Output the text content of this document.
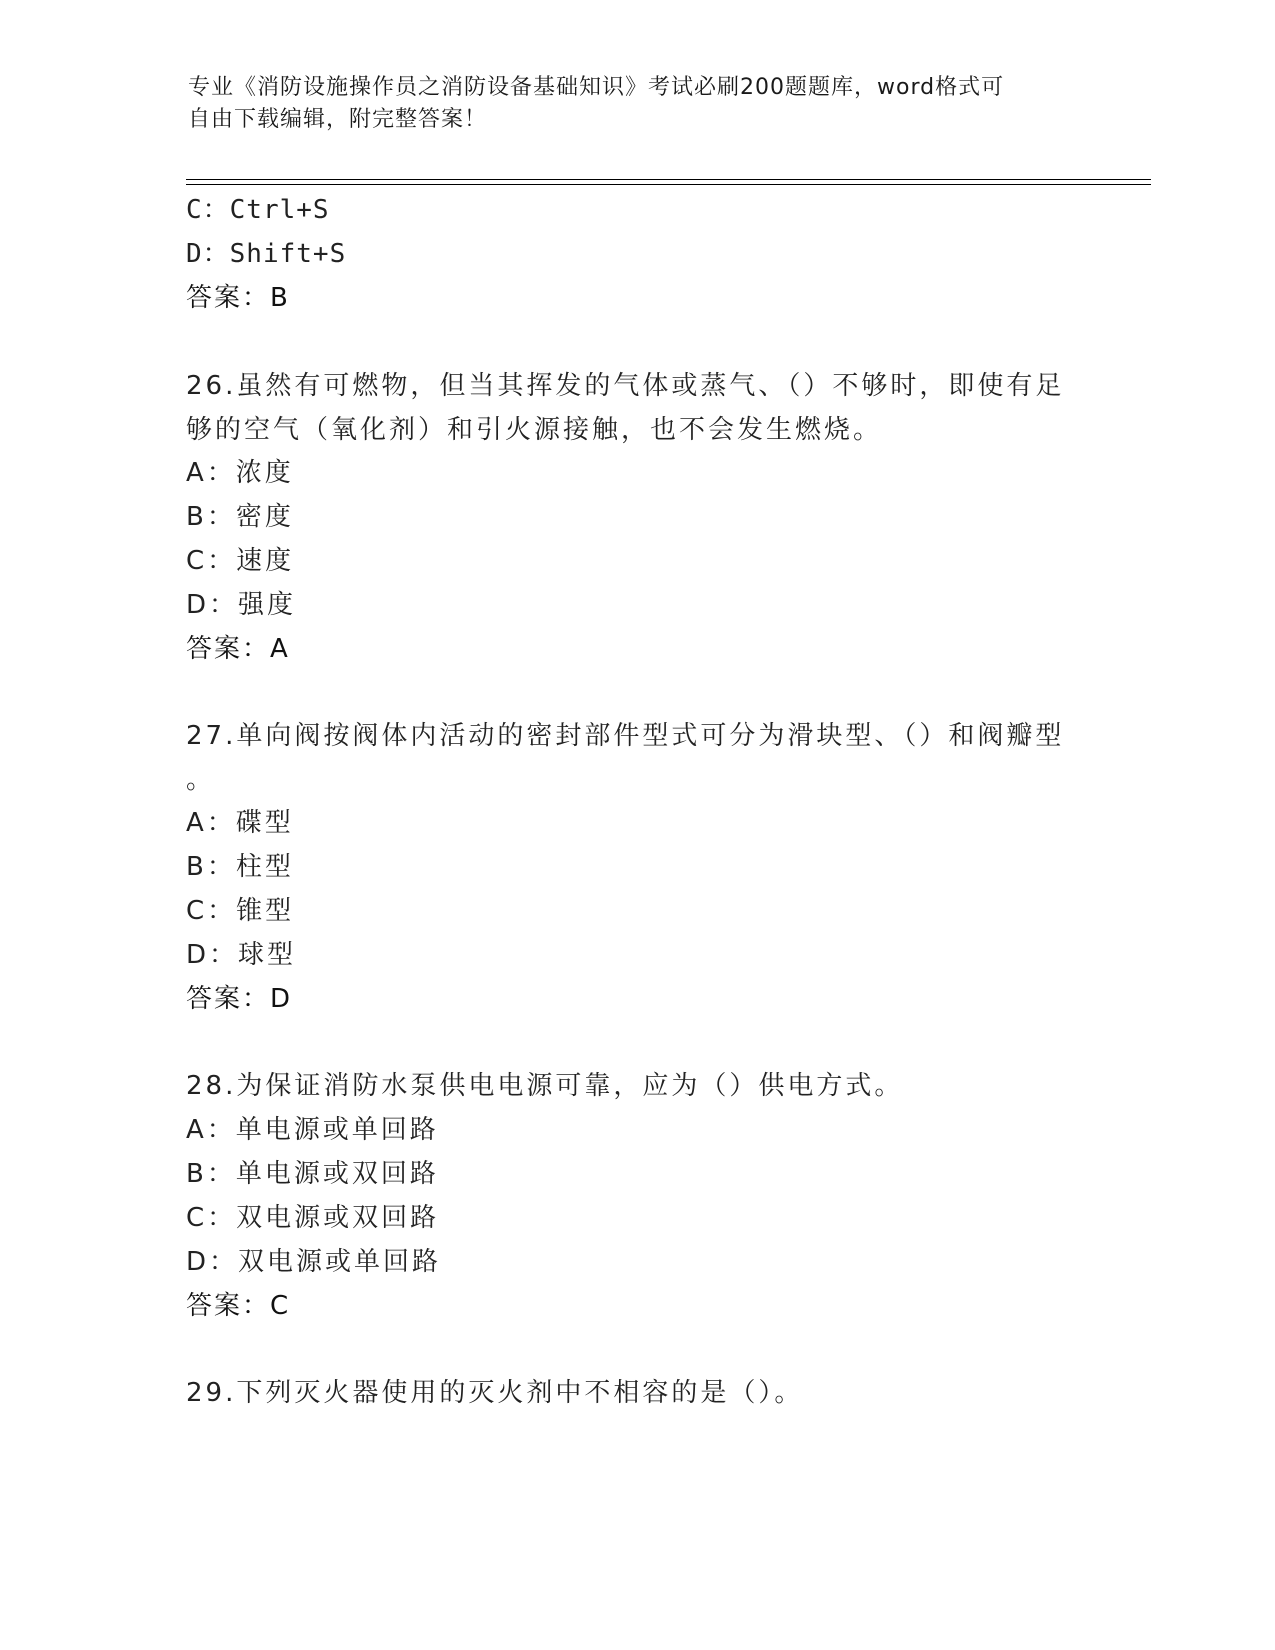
专业《消防设施操作员之消防设备基础知识》考试必刷200题题库，word格式可

自由下载编辑，附完整答案！

C：Ctrl+S
D：Shift+S
答案：B
26.虽然有可燃物，但当其挥发的气体或蒸气、（）不够时，即使有足
够的空气（氧化剂）和引火源接触，也不会发生燃烧。
A：浓度
B：密度
C：速度
D：强度
答案：A
27.单向阀按阀体内活动的密封部件型式可分为滑块型、（）和阀瓣型
。
A：碟型
B：柱型
C：锥型
D：球型
答案：D
28.为保证消防水泵供电电源可靠，应为（）供电方式。
A：单电源或单回路
B：单电源或双回路
C：双电源或双回路
D：双电源或单回路
答案：C
29.下列灭火器使用的灭火剂中不相容的是（）。
